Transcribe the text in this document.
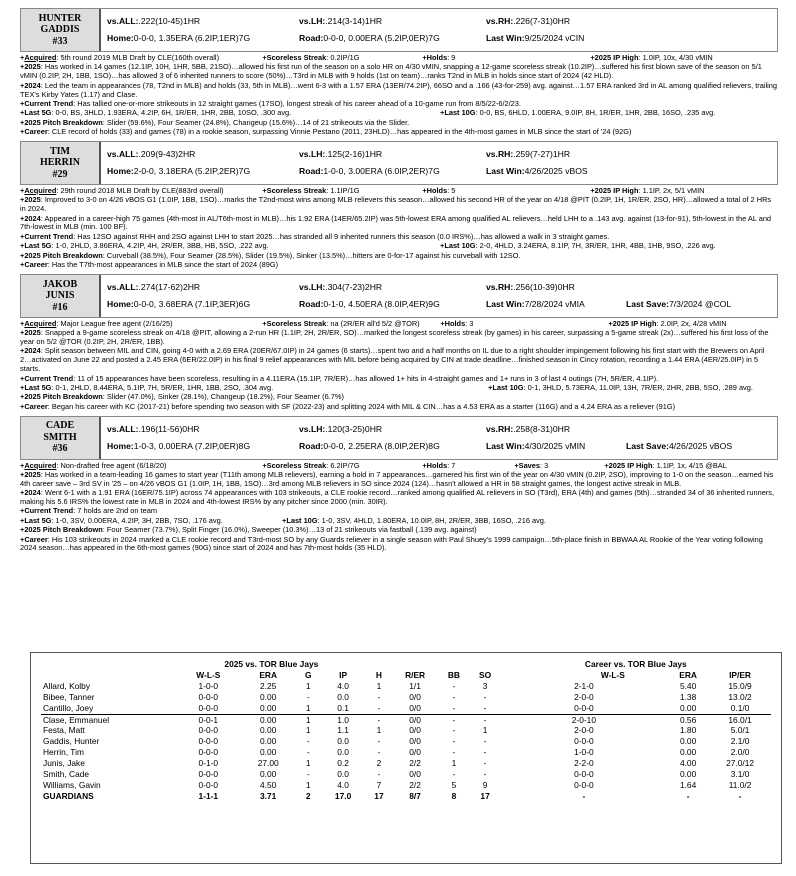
HUNTER
GADDIS
#33
vs.ALL:.222(10-45)1HR	vs.LH:.214(3-14)1HR	vs.RH:.226(7-31)0HR
Home:0-0-0, 1.35ERA (6.2IP,1ER)7G	Road:0-0-0, 0.00ERA (5.2IP,0ER)7G	Last Win:9/25/2024 vCIN
+ Acquired: 5th round 2019 MLB Draft by CLE(160th overall)	+Scoreless Streak: 0.2IP/1G	+Holds: 9	+2025 IP High: 1.0IP, 10x, 4/30 vMIN
+2025: Has worked in 14 games (12.1IP, 10H, 1HR, 5BB, 21SO)…allowed his first run of the season on a solo HR on 4/30 vMIN, snapping a 12-game scoreless streak (10.2IP)…suffered his first blown save of the season on 5/1 vMIN (0.2IP, 2H, 1BB, 1SO)…has allowed 3 of 6 inherited runners to score (50%)…T3rd in MLB with 9 holds (1st on team)…ranks T2nd in MLB in holds since start of 2024 (42 HLD).
+2024: Led the team in appearances (78, T2nd in MLB) and holds (33, 5th in MLB)…went 6-3 with a 1.57 ERA (13ER/74.2IP), 66SO and a .166 (43-for-259) avg. against…1.57 ERA ranked 3rd in AL among qualified relievers, trailing TEX's Kirby Yates (1.17) and Clase.
+Current Trend: Has tallied one-or-more strikeouts in 12 straight games (17SO), longest streak of his career ahead of a 10-game run from 8/5/22-6/2/23.
+Last 5G: 0-0, BS, 3HLD, 1.93ERA, 4.2IP, 6H, 1R/ER, 1HR, 2BB, 10SO, .300 avg.	+Last 10G: 0-0, BS, 6HLD, 1.00ERA, 9.0IP, 8H, 1R/ER, 1HR, 2BB, 16SO, .235 avg.
+2025 Pitch Breakdown: Slider (59.6%), Four Seamer (24.8%), Changeup (15.6%)…14 of 21 strikeouts via the Slider.
+Career: CLE record of holds (33) and games (78) in a rookie season, surpassing Vinnie Pestano (2011, 23HLD)…has appeared in the 4th-most games in MLB since the start of '24 (92G)
TIM
HERRIN
#29
vs.ALL:.209(9-43)2HR	vs.LH:.125(2-16)1HR	vs.RH:.259(7-27)1HR
Home:2-0-0, 3.18ERA (5.2IP,2ER)7G	Road:1-0-0, 3.00ERA (6.0IP,2ER)7G	Last Win:4/26/2025 vBOS
+ Acquired: 29th round 2018 MLB Draft by CLE(883rd overall)	+Scoreless Streak: 1.1IP/1G	+Holds: 5	+2025 IP High: 1.1IP, 2x, 5/1 vMIN
+2025: Improved to 3-0 on 4/26 vBOS G1 (1.0IP, 1BB, 1SO)…marks the T2nd-most wins among MLB relievers this season…allowed his second HR of the year on 4/18 @PIT (0.2IP, 1H, 1R/ER, 2SO, HR)…allowed a total of 2 HRs in 2024.
+2024: Appeared in a career-high 75 games (4th-most in AL/T6th-most in MLB)…his 1.92 ERA (14ER/65.2IP) was 5th-lowest ERA among qualified AL relievers…held LHH to a .143 avg. against (13-for-91), 5th-lowest in the AL and 7th-lowest in MLB (min. 100 BF).
+Current Trend: Has 12SO against RHH and 2SO against LHH to start 2025…has stranded all 9 inherited runners this season (0.0 IRS%)…has allowed a walk in 3 straight games.
+Last 5G: 1-0, 2HLD, 3.86ERA, 4.2IP, 4H, 2R/ER, 3BB, HB, 5SO, .222 avg.	+Last 10G: 2-0, 4HLD, 3.24ERA, 8.1IP, 7H, 3R/ER, 1HR, 4BB, 1HB, 9SO, .226 avg.
+2025 Pitch Breakdown: Curveball (38.5%), Four Seamer (28.5%), Slider (19.5%), Sinker (13.5%)…hitters are 0-for-17 against his curveball with 12SO.
+Career: Has the T7th-most appearances in MLB since the start of 2024 (89G)
JAKOB
JUNIS
#16
vs.ALL:.274(17-62)2HR	vs.LH:.304(7-23)2HR	vs.RH:.256(10-39)0HR
Home:0-0-0, 3.68ERA (7.1IP,3ER)6G	Road:0-1-0, 4.50ERA (8.0IP,4ER)9G	Last Win:7/28/2024 vMIA	Last Save:7/3/2024 @COL
+ Acquired: Major League free agent (2/16/25)	+Scoreless Streak: na (2R/ER all'd 5/2 @TOR)	+Holds: 3	+2025 IP High: 2.0IP, 2x, 4/28 vMIN
+2025: Snapped a 9-game scoreless streak on 4/18 @PIT, allowing a 2-run HR (1.1IP, 2H, 2R/ER, SO)…marked the longest scoreless streak (by games) in his career, surpassing a 5-game streak (2x)…suffered his first loss of the year on 5/2 @TOR (0.2IP, 2H, 2R/ER, 1BB).
+2024: Split season between MIL and CIN, going 4-0 with a 2.69 ERA (20ER/67.0IP) in 24 games (6 starts)…spent two and a half months on IL due to a right shoulder impingement following his first start with the Brewers on April 2…activated on June 22 and posted a 2.45 ERA (6ER/22.0IP) in his final 9 relief appearances with MIL before being acquired by CIN at trade deadline…finished season in Cincy rotation, recording a 1.44 ERA (4ER/25.0IP) in 5 starts.
+Current Trend: 11 of 15 appearances have been scoreless, resulting in a 4.11ERA (15.1IP, 7R/ER)…has allowed 1+ hits in 4-straight games and 1+ runs in 3 of last 4 outings (7H, 5R/ER, 4.1IP).
+Last 5G: 0-1, 2HLD, 8.44ERA, 5.1IP, 7H, 5R/ER, 1HR, 1BB, 2SO, .304 avg.	+Last 10G: 0-1, 3HLD, 5.73ERA, 11.0IP, 13H, 7R/ER, 2HR, 2BB, 5SO, .289 avg.
+2025 Pitch Breakdown: Slider (47.0%), Sinker (28.1%), Changeup (18.2%), Four Seamer (6.7%)
+Career: Began his career with KC (2017-21) before spending two season with SF (2022-23) and splitting 2024 with MIL & CIN…has a 4.53 ERA as a starter (116G) and a 4.24 ERA as a reliever (91G)
CADE
SMITH
#36
vs.ALL:.196(11-56)0HR	vs.LH:.120(3-25)0HR	vs.RH:.258(8-31)0HR
Home:1-0-3, 0.00ERA (7.2IP,0ER)8G	Road:0-0-0, 2.25ERA (8.0IP,2ER)8G	Last Win:4/30/2025 vMIN	Last Save:4/26/2025 vBOS
+ Acquired: Non-drafted free agent (6/18/20)	+Scoreless Streak: 6.2IP/7G	+Holds: 7	+Saves: 3	+2025 IP High: 1.1IP, 1x, 4/15 @BAL
+2025: Has worked in a team-leading 16 games to start year (T11th among MLB relievers), earning a hold in 7 appearances…garnered his first win of the year on 4/30 vMIN (0.2IP, 2SO), improving to 1-0 on the season…earned his 4th career save – 3rd SV in '25 – on 4/26 vBOS G1 (1.0IP, 1H, 1BB, 1SO)…3rd among MLB relievers in SO since 2024 (124)…hasn't allowed a HR in 58 straight games, the longest active streak in MLB.
+2024: Went 6-1 with a 1.91 ERA (16ER/75.1IP) across 74 appearances with 103 strikeouts, a CLE rookie record…ranked among qualified AL relievers in SO (T3rd), ERA (4th) and games (5th)…stranded 34 of 36 inherited runners, making his 5.6 IRS% the lowest rate in MLB in 2024 and 4th-lowest IRS% by any pitcher since 2000 (min. 30IR).
+Current Trend: 7 holds are 2nd on team
+Last 5G: 1-0, 3SV, 0.00ERA, 4.2IP, 3H, 2BB, 7SO, .176 avg.	+Last 10G: 1-0, 3SV, 4HLD, 1.80ERA, 10.0IP, 8H, 2R/ER, 3BB, 16SO, .216 avg.
+2025 Pitch Breakdown: Four Seamer (73.7%), Split Finger (16.0%), Sweeper (10.3%)…13 of 21 strikeouts via fastball (.139 avg. against)
+Career: His 103 strikeouts in 2024 marked a CLE rookie record and T3rd-most SO by any Guards reliever in a single season with Paul Shuey's 1999 campaign…5th-place finish in BBWAA AL Rookie of the Year voting following 2024 season…has appeared in the 6th-most games (90G) since start of 2024 and has 7th-most holds (35 HLD).
	2025 vs. TOR Blue Jays								Career vs. TOR Blue Jays		
	W-L-S	ERA	G	IP	H	R/ER	BB	SO	W-L-S	ERA	IP/ER
Allard, Kolby	1-0-0	2.25	1	4.0	1	1/1	-	3	2-1-0	5.40	15.0/9
Bibee, Tanner	0-0-0	0.00	-	0.0	-	0/0	-	-	2-0-0	1.38	13.0/2
Cantillo, Joey	0-0-0	0.00	1	0.1	-	0/0	-	-	0-0-0	0.00	0.1/0
Clase, Emmanuel	0-0-1	0.00	1	1.0	-	0/0	-	-	2-0-10	0.56	16.0/1
Festa, Matt	0-0-0	0.00	1	1.1	1	0/0	-	1	2-0-0	1.80	5.0/1
Gaddis, Hunter	0-0-0	0.00	-	0.0	-	0/0	-	-	0-0-0	0.00	2.1/0
Herrin, Tim	0-0-0	0.00	-	0.0	-	0/0	-	-	1-0-0	0.00	2.0/0
Junis, Jake	0-1-0	27.00	1	0.2	2	2/2	1	-	2-2-0	4.00	27.0/12
Smith, Cade	0-0-0	0.00	-	0.0	-	0/0	-	-	0-0-0	0.00	3.1/0
Williams, Gavin	0-0-0	4.50	1	4.0	7	2/2	5	9	0-0-0	1.64	11.0/2
GUARDIANS	1-1-1	3.71	2	17.0	17	8/7	8	17	-	-	-
